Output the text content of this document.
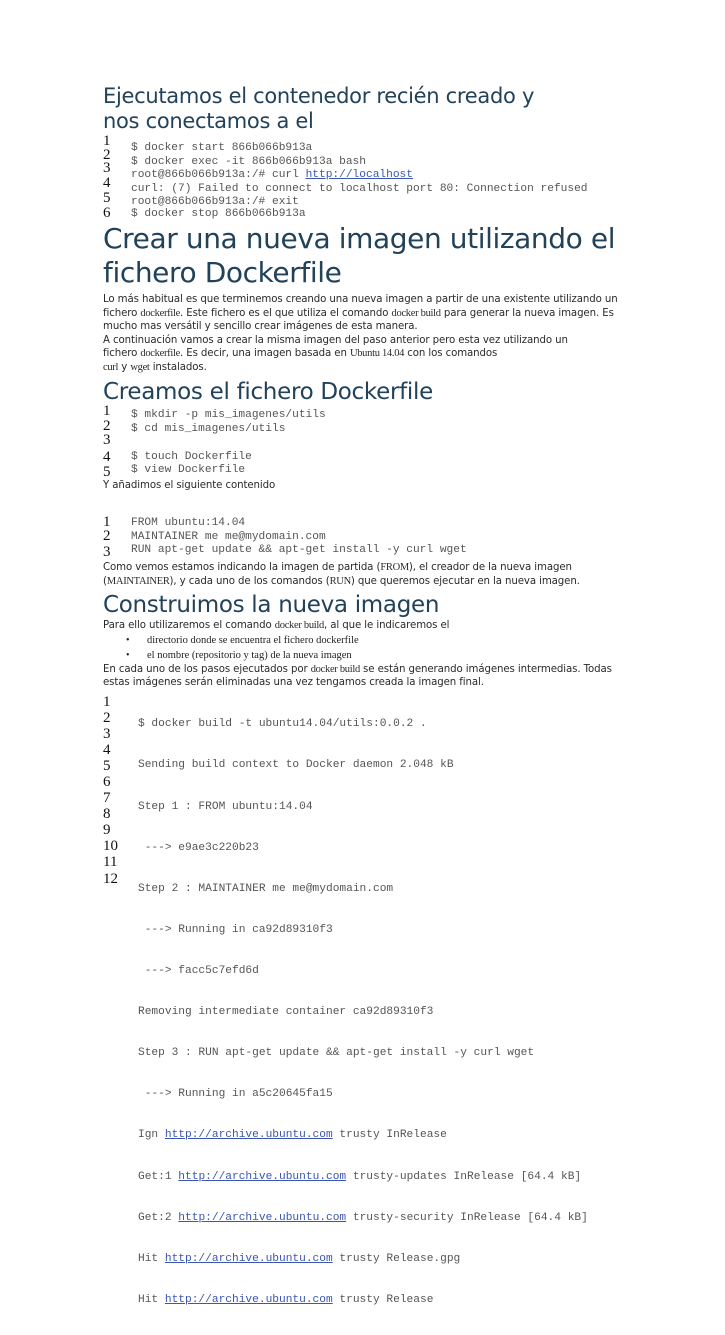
Ejecutamos el contenedor recién creado y nos conectamos a el
1 $ docker start 866b066b913a
2 $ docker exec -it 866b066b913a bash
3 root@866b066b913a:/# curl http://localhost
4 curl: (7) Failed to connect to localhost port 80: Connection refused
5 root@866b066b913a:/# exit
6 $ docker stop 866b066b913a
Crear una nueva imagen utilizando el fichero Dockerfile

Lo más habitual es que terminemos creando una nueva imagen a partir de una existente utilizando un fichero dockerfile. Este fichero es el que utiliza el comando docker build para generar la nueva imagen. Es mucho mas versátil y sencillo crear imágenes de esta manera.

A continuación vamos a crear la misma imagen del paso anterior pero esta vez utilizando un fichero dockerfile. Es decir, una imagen basada en Ubuntu 14.04 con los comandos
curl y wget instalados.

Creamos el fichero Dockerfile
1 $ mkdir -p mis_imagenes/utils
2 $ cd mis_imagenes/utils
3
4 $ touch Dockerfile
5 $ view Dockerfile

Y añadimos el siguiente contenido

1 FROM ubuntu:14.04
2 MAINTAINER me me@mydomain.com
3 RUN apt-get update && apt-get install -y curl wget

Como vemos estamos indicando la imagen de partida (FROM), el creador de la nueva imagen (MAINTAINER), y cada uno de los comandos (RUN) que queremos ejecutar en la nueva imagen.

Construimos la nueva imagen

Para ello utilizaremos el comando docker build, al que le indicaremos el

• directorio donde se encuentra el fichero dockerfile
• el nombre (repositorio y tag) de la nueva imagen

En cada uno de los pasos ejecutados por docker build se están generando imágenes intermedias. Todas estas imágenes serán eliminadas una vez tengamos creada la imagen final.

1
2
3
4
5
6
7
8
9
10
11
12

$ docker build -t ubuntu14.04/utils:0.0.2 .

Sending build context to Docker daemon 2.048 kB

Step 1 : FROM ubuntu:14.04

---> e9ae3c220b23

Step 2 : MAINTAINER me me@mydomain.com

---> Running in ca92d89310f3

---> facc5c7efd6d

Removing intermediate container ca92d89310f3

Step 3 : RUN apt-get update && apt-get install -y curl wget

---> Running in a5c20645fa15

Ign http://archive.ubuntu.com trusty InRelease

Get:1 http://archive.ubuntu.com trusty-updates InRelease [64.4 kB]

Get:2 http://archive.ubuntu.com trusty-security InRelease [64.4 kB]

Hit http://archive.ubuntu.com trusty Release.gpg

Hit http://archive.ubuntu.com trusty Release
